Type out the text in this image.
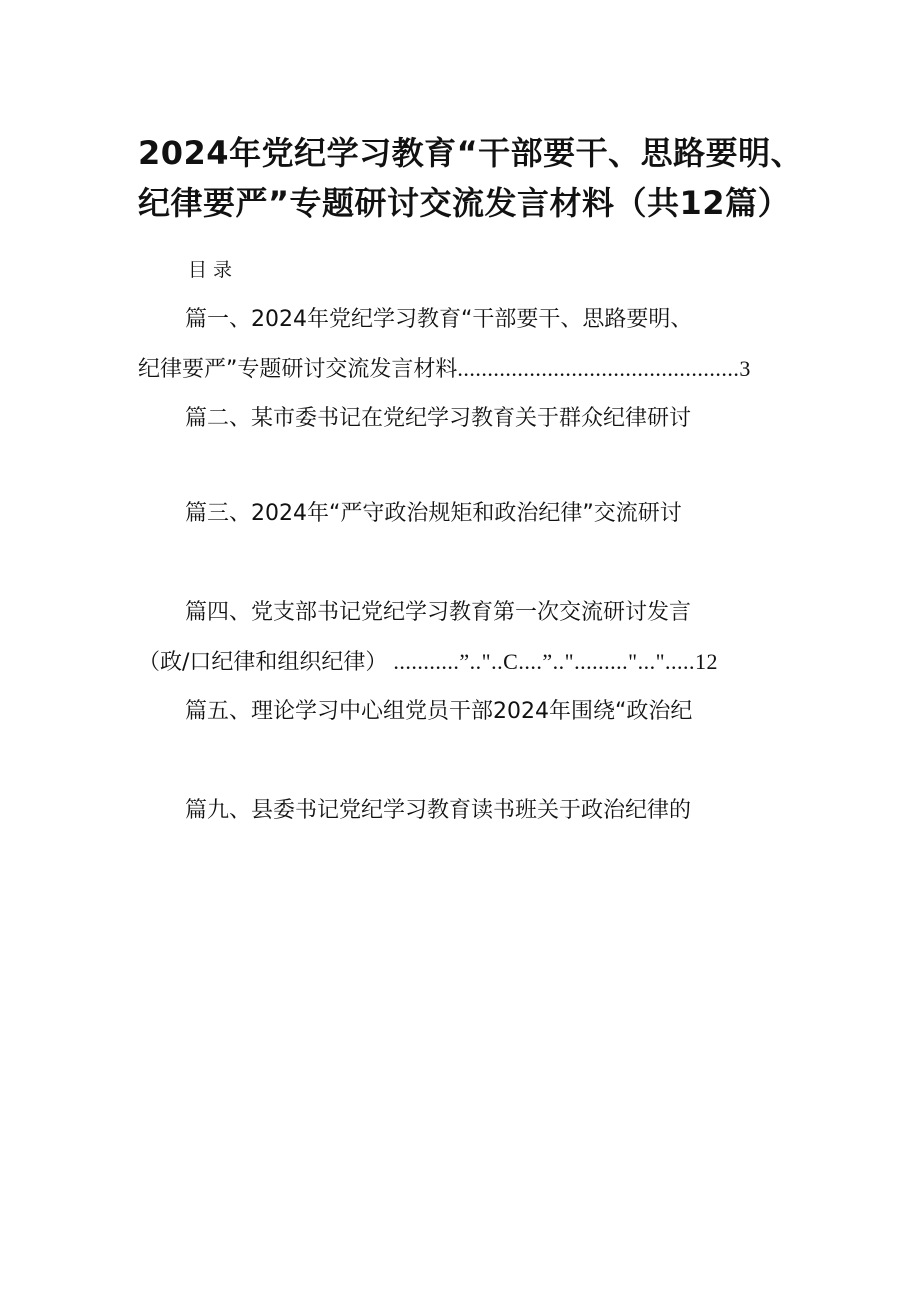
2024年党纪学习教育“干部要干、思路要明、
纪律要严”专题研讨交流发言材料（共12篇）
目录
篇一、2024年党纪学习教育“干部要干、思路要明、
纪律要严”专题研讨交流发言材料...............................................3
篇二、某市委书记在党纪学习教育关于群众纪律研讨
篇三、2024年“严守政治规矩和政治纪律”交流研讨
篇四、党支部书记党纪学习教育第一次交流研讨发言
（政/口纪律和组织纪律） ...........”.."..C....”.."........."...".....12
篇五、理论学习中心组党员干部2024年围绕“政治纪
篇九、县委书记党纪学习教育读书班关于政治纪律的
